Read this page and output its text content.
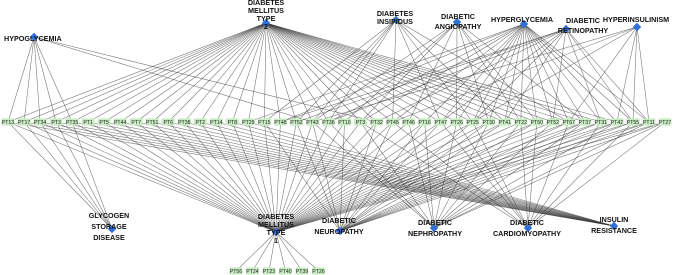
PT13 PT17 PT34 PT3 PT35 PT1 PT5 PT44 PT7 PT51 PT6 PT38 PT2 PT14 PT8 PT29 PT15 PT48 PT52 PT43 PT36 PT10 PT3 PT32 PT45 PT46 PT16 PT47 PT26 PT25 PT30 PT41 PT22 PT50 PT52 PT67 PT37 PT31 PT42 PT55 PT11 PT27
PT56 PT24 PT23 PT40 PT39 PT26
HYPOGLYCEMIA
DIABETES
MELLITUS
TYPE
2
DIABETES
INSIPIDUS
DIABETIC
ANGIOPATHY
HYPERGLYCEMIA DIABETIC
RETINOPATHY
HYPERINSULINISM
GLYCOGEN
STORAGE
DISEASE
DIABETES
MELLITUS
TYPE
1
DIABETIC
NEUROPATHY
DIABETIC
NEPHROPATHY
DIABETIC
CARDIOMYOPATHY
INSULIN
RESISTANCE
